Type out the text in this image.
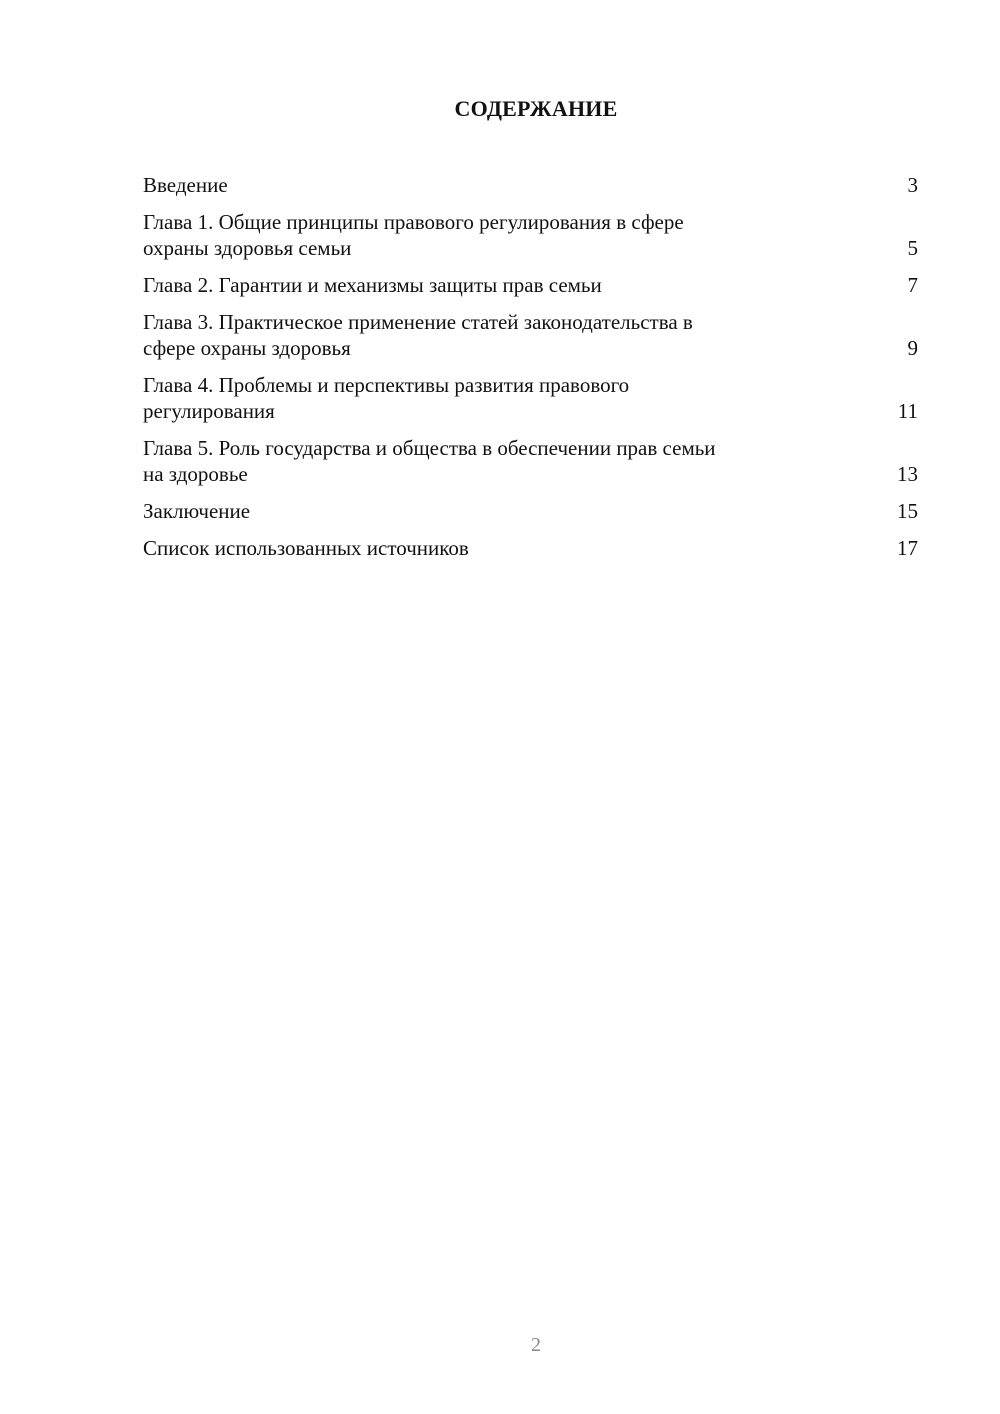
СОДЕРЖАНИЕ
Введение	3
Глава 1. Общие принципы правового регулирования в сфере
охраны здоровья семьи	5
Глава 2. Гарантии и механизмы защиты прав семьи	7
Глава 3. Практическое применение статей законодательства в
сфере охраны здоровья	9
Глава 4. Проблемы и перспективы развития правового
регулирования	11
Глава 5. Роль государства и общества в обеспечении прав семьи
на здоровье	13
Заключение	15
Список использованных источников	17
2
